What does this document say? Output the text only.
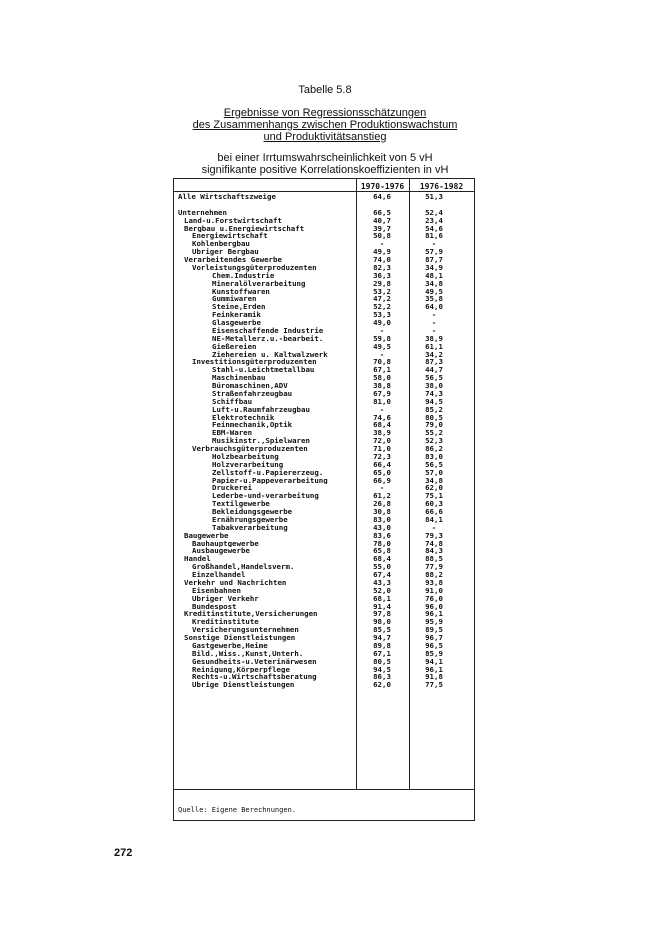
Tabelle 5.8
Ergebnisse von Regressionsschätzungen
des Zusammenhangs zwischen Produktionswachstum
und Produktivitätsanstieg
bei einer Irrtumswahrscheinlichkeit von 5 vH
signifikante positive Korrelationskoeffizienten in vH
1970-1976	1976-1982
Alle Wirtschaftszweige	64,6	51,3
Unternehmen	66,5	52,4
Land-u.Forstwirtschaft	40,7	23,4
Bergbau u.Energiewirtschaft	39,7	54,6
Energiewirtschaft	50,8	81,6
Kohlenbergbau	-	-
Übriger Bergbau	49,9	57,9
Verarbeitendes Gewerbe	74,0	87,7
Vorleistungsgüterproduzenten	82,3	34,9
Chem.Industrie	36,3	48,1
Mineralölverarbeitung	29,8	34,8
Kunstoffwaren	53,2	49,5
Gummiwaren	47,2	35,8
Steine,Erden	52,2	64,0
Feinkeramik	53,3	-
Glasgewerbe	49,0	-
Eisenschaffende Industrie	-	-
NE-Metallerz.u.-bearbeit.	59,8	38,9
Gießereien	49,5	61,1
Ziehereien u. Kaltwalzwerk	-	34,2
Investitionsgüterproduzenten	70,8	87,3
Stahl-u.Leichtmetallbau	67,1	44,7
Maschinenbau	58,0	56,5
Büromaschinen,ADV	38,8	38,0
Straßenfahrzeugbau	67,9	74,3
Schiffbau	81,0	94,5
Luft-u.Raumfahrzeugbau	-	85,2
Elektrotechnik	74,6	80,5
Feinmechanik,Optik	68,4	79,0
EBM-Waren	38,9	55,2
Musikinstr.,Spielwaren	72,0	52,3
Verbrauchsgüterproduzenten	71,0	86,2
Holzbearbeitung	72,3	83,0
Holzverarbeitung	66,4	56,5
Zellstoff-u.Papiererzeug.	65,0	57,0
Papier-u.Pappeverarbeitung	66,9	34,8
Druckerei	-	62,0
Lederbe-und-verarbeitung	61,2	75,1
Textilgewerbe	26,8	60,3
Bekleidungsgewerbe	30,8	66,6
Ernährungsgewerbe	83,0	84,1
Tabakverarbeitung	43,0	-
Baugewerbe	83,6	79,3
Bauhauptgewerbe	78,0	74,8
Ausbaugewerbe	65,8	84,3
Handel	68,4	88,5
Großhandel,Handelsverm.	55,0	77,9
Einzelhandel	67,4	88,2
Verkehr und Nachrichten	43,3	93,8
Eisenbahnen	52,0	91,0
Übriger Verkehr	68,1	76,0
Bundespost	91,4	96,0
Kreditinstitute,Versicherungen	97,8	96,1
Kreditinstitute	98,0	95,9
Versicherungsunternehmen	85,5	89,5
Sonstige Dienstleistungen	94,7	96,7
Gastgewerbe,Heime	89,8	96,5
Bild.,Wiss.,Kunst,Unterh.	67,1	85,9
Gesundheits-u.Veterinärwesen	80,5	94,1
Reinigung,Körperpflege	94,5	96,1
Rechts-u.Wirtschaftsberatung	86,3	91,8
Übrige Dienstleistungen	62,0	77,5
Quelle: Eigene Berechnungen.
272
